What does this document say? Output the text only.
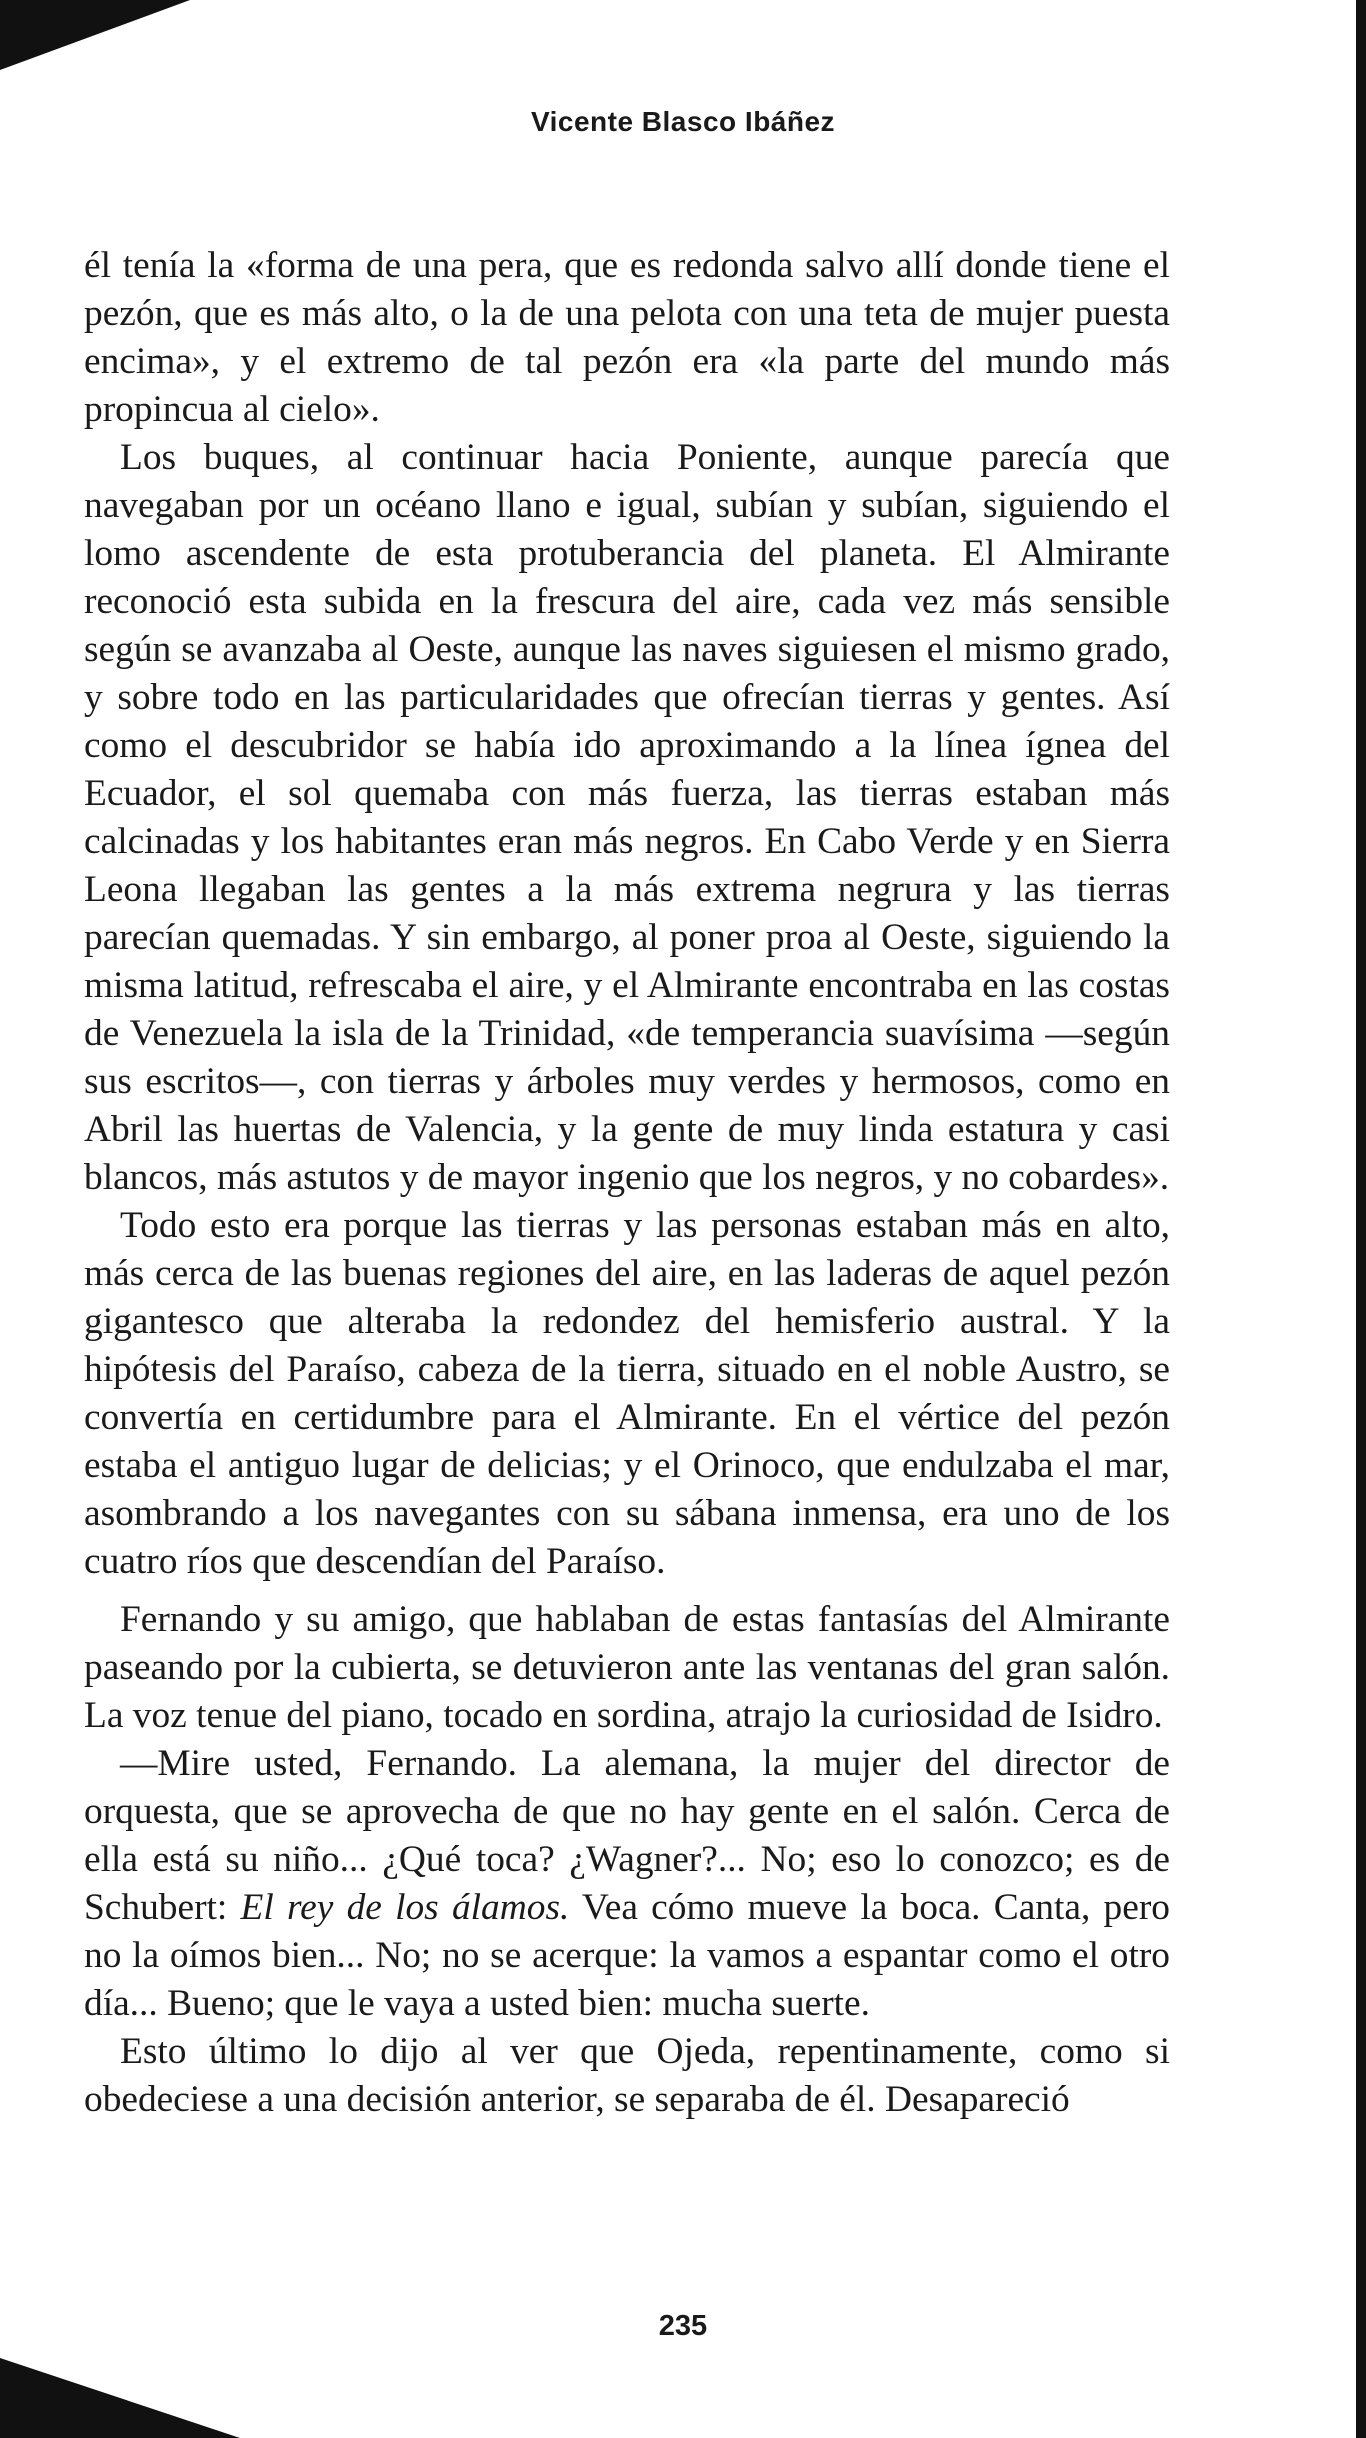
Vicente Blasco Ibáñez

él tenía la «forma de una pera, que es redonda salvo allí donde tiene el pezón, que es más alto, o la de una pelota con una teta de mujer puesta encima», y el extremo de tal pezón era «la parte del mundo más propincua al cielo».

Los buques, al continuar hacia Poniente, aunque parecía que navegaban por un océano llano e igual, subían y subían, siguiendo el lomo ascendente de esta protuberancia del planeta. El Almirante reconoció esta subida en la frescura del aire, cada vez más sensible según se avanzaba al Oeste, aunque las naves siguiesen el mismo grado, y sobre todo en las particularidades que ofrecían tierras y gentes. Así como el descubridor se había ido aproximando a la línea ígnea del Ecuador, el sol quemaba con más fuerza, las tierras estaban más calcinadas y los habitantes eran más negros. En Cabo Verde y en Sierra Leona llegaban las gentes a la más extrema negrura y las tierras parecían quemadas. Y sin embargo, al poner proa al Oeste, siguiendo la misma latitud, refrescaba el aire, y el Almirante encontraba en las costas de Venezuela la isla de la Trinidad, «de temperancia suavísima —según sus escritos—, con tierras y árboles muy verdes y hermosos, como en Abril las huertas de Valencia, y la gente de muy linda estatura y casi blancos, más astutos y de mayor ingenio que los negros, y no cobardes».

Todo esto era porque las tierras y las personas estaban más en alto, más cerca de las buenas regiones del aire, en las laderas de aquel pezón gigantesco que alteraba la redondez del hemisferio austral. Y la hipótesis del Paraíso, cabeza de la tierra, situado en el noble Austro, se convertía en certidumbre para el Almirante. En el vértice del pezón estaba el antiguo lugar de delicias; y el Orinoco, que endulzaba el mar, asombrando a los navegantes con su sábana inmensa, era uno de los cuatro ríos que descendían del Paraíso.

Fernando y su amigo, que hablaban de estas fantasías del Almirante paseando por la cubierta, se detuvieron ante las ventanas del gran salón. La voz tenue del piano, tocado en sordina, atrajo la curiosidad de Isidro.

—Mire usted, Fernando. La alemana, la mujer del director de orquesta, que se aprovecha de que no hay gente en el salón. Cerca de ella está su niño... ¿Qué toca? ¿Wagner?... No; eso lo conozco; es de Schubert: El rey de los álamos. Vea cómo mueve la boca. Canta, pero no la oímos bien... No; no se acerque: la vamos a espantar como el otro día... Bueno; que le vaya a usted bien: mucha suerte.

Esto último lo dijo al ver que Ojeda, repentinamente, como si obedeciese a una decisión anterior, se separaba de él. Desapareció

235
